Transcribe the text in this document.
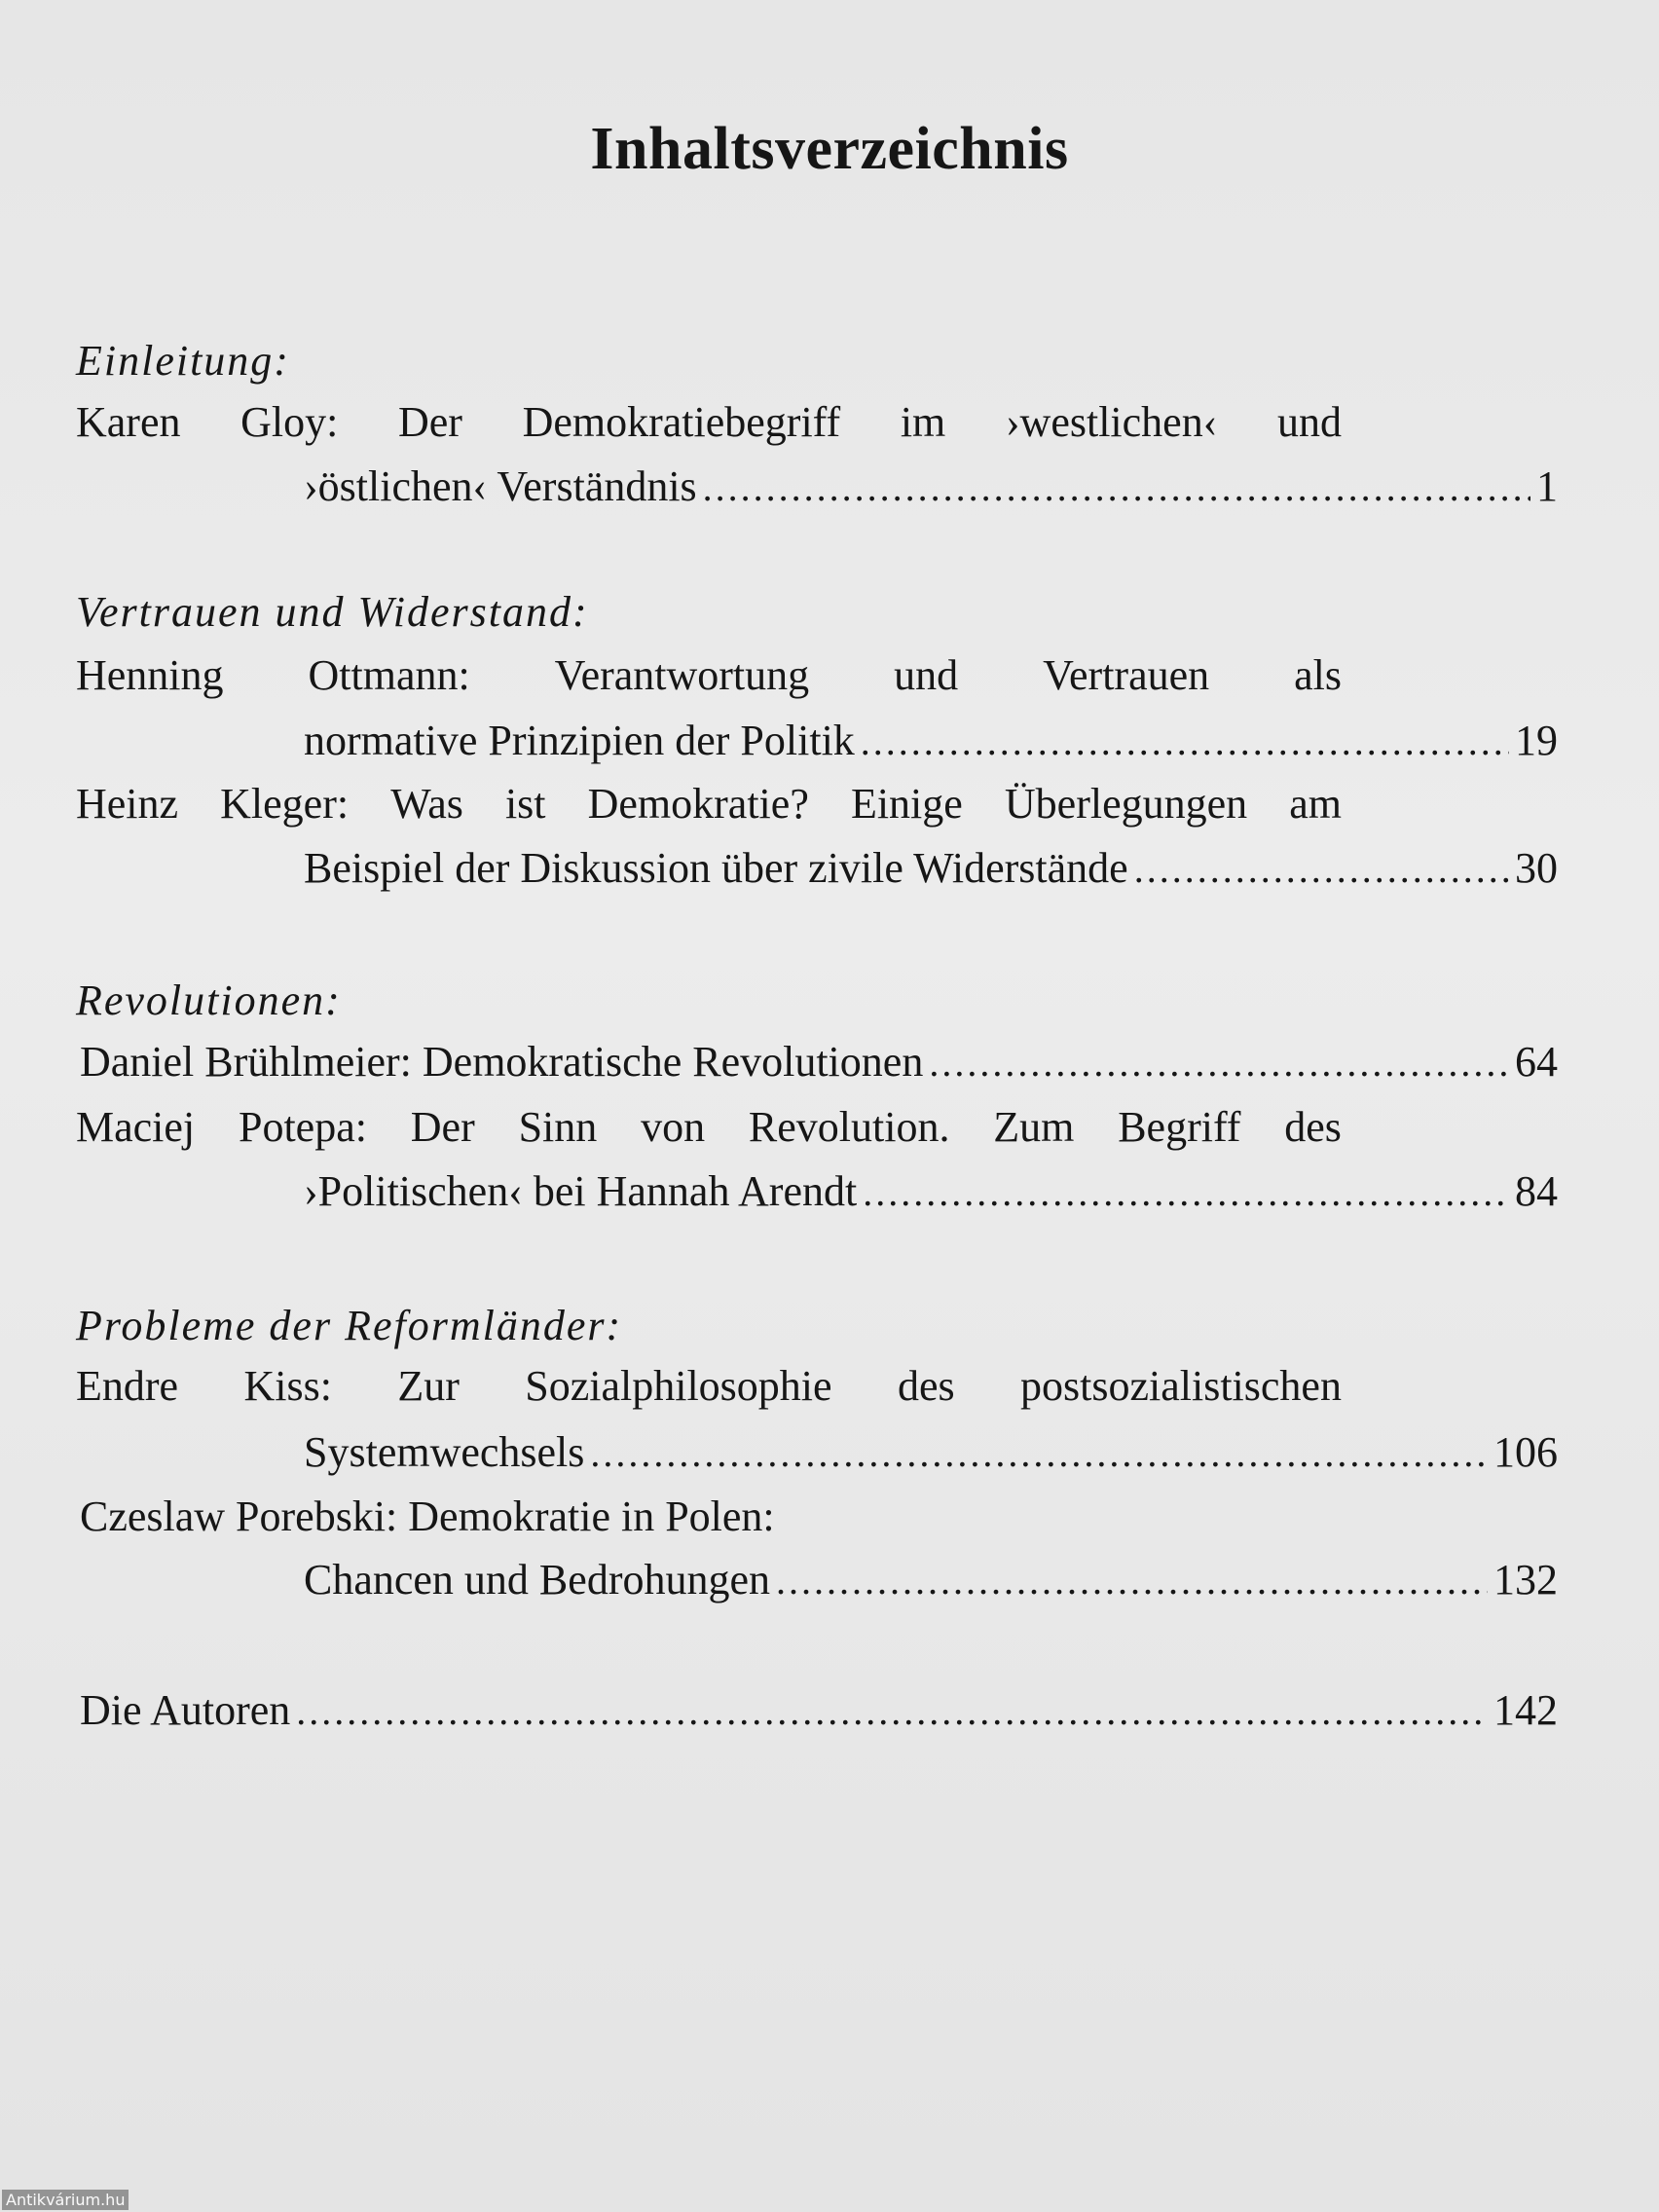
Inhaltsverzeichnis
Einleitung:
Karen Gloy: Der Demokratiebegriff im ›westlichen‹ und
›östlichen‹ Verständnis .....	1
Vertrauen und Widerstand:
Henning Ottmann: Verantwortung und Vertrauen als
normative Prinzipien der Politik .....	19
Heinz Kleger: Was ist Demokratie? Einige Überlegungen am
Beispiel der Diskussion über zivile Widerstände .....	30
Revolutionen:
Daniel Brühlmeier: Demokratische Revolutionen .....	64
Maciej Potepa: Der Sinn von Revolution. Zum Begriff des
›Politischen‹ bei Hannah Arendt .....	84
Probleme der Reformländer:
Endre Kiss: Zur Sozialphilosophie des postsozialistischen
Systemwechsels .....	106
Czeslaw Porebski: Demokratie in Polen:
Chancen und Bedrohungen .....	132
Die Autoren .....	142
Antikvárium.hu
